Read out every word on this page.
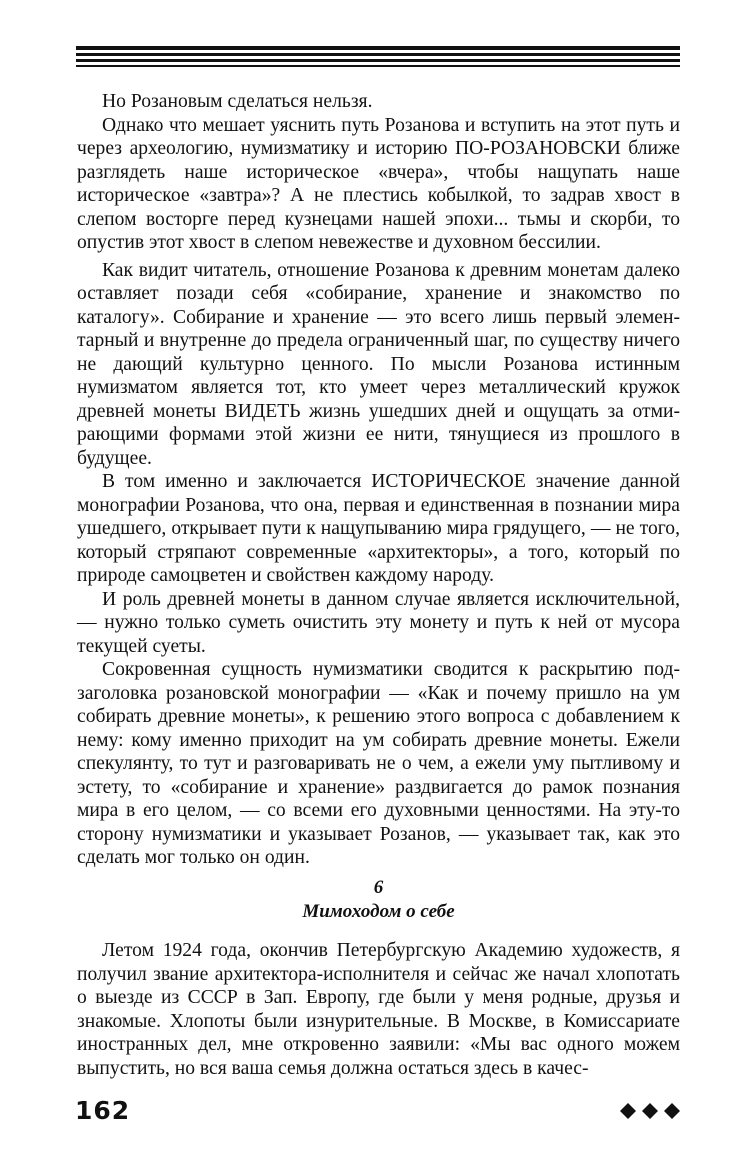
Но Розановым сделаться нельзя.

Однако что мешает уяснить путь Розанова и вступить на этот путь и через археологию, нумизматику и историю ПО-РОЗАНОВСКИ ближе разглядеть наше историческое «вчера», чтобы нащупать наше историческое «завтра»? А не плестись кобылкой, то задрав хвост в слепом восторге перед кузнецами нашей эпохи... тьмы и скорби, то опустив этот хвост в слепом невежестве и духовном бессилии.

Как видит читатель, отношение Розанова к древним монетам далеко оставляет позади себя «собирание, хранение и знакомство по каталогу». Собирание и хранение — это всего лишь первый элементарный и внутренне до предела ограниченный шаг, по существу ничего не дающий культурно ценного. По мысли Розанова истинным нумизматом является тот, кто умеет через металлический кружок древней монеты ВИДЕТЬ жизнь ушедших дней и ощущать за отмирающими формами этой жизни ее нити, тянущиеся из прошлого в будущее.

В том именно и заключается ИСТОРИЧЕСКОЕ значение данной монографии Розанова, что она, первая и единственная в познании мира ушедшего, открывает пути к нащупыванию мира грядущего, — не того, который стряпают современные «архитекторы», а того, который по природе самоцветен и свойствен каждому народу.

И роль древней монеты в данном случае является исключительной, — нужно только суметь очистить эту монету и путь к ней от мусора текущей суеты.

Сокровенная сущность нумизматики сводится к раскрытию подзаголовка розановской монографии — «Как и почему пришло на ум собирать древние монеты», к решению этого вопроса с добавлением к нему: кому именно приходит на ум собирать древние монеты. Ежели спекулянту, то тут и разговаривать не о чем, а ежели уму пытливому и эстету, то «собирание и хранение» раздвигается до рамок познания мира в его целом, — со всеми его духовными ценностями. На эту-то сторону нумизматики и указывает Розанов, — указывает так, как это сделать мог только он один.

6
Мимоходом о себе

Летом 1924 года, окончив Петербургскую Академию художеств, я получил звание архитектора-исполнителя и сейчас же начал хлопотать о выезде из СССР в Зап. Европу, где были у меня родные, друзья и знакомые. Хлопоты были изнурительные. В Москве, в Комиссариате иностранных дел, мне откровенно заявили: «Мы вас одного можем выпустить, но вся ваша семья должна остаться здесь в качес-

162
